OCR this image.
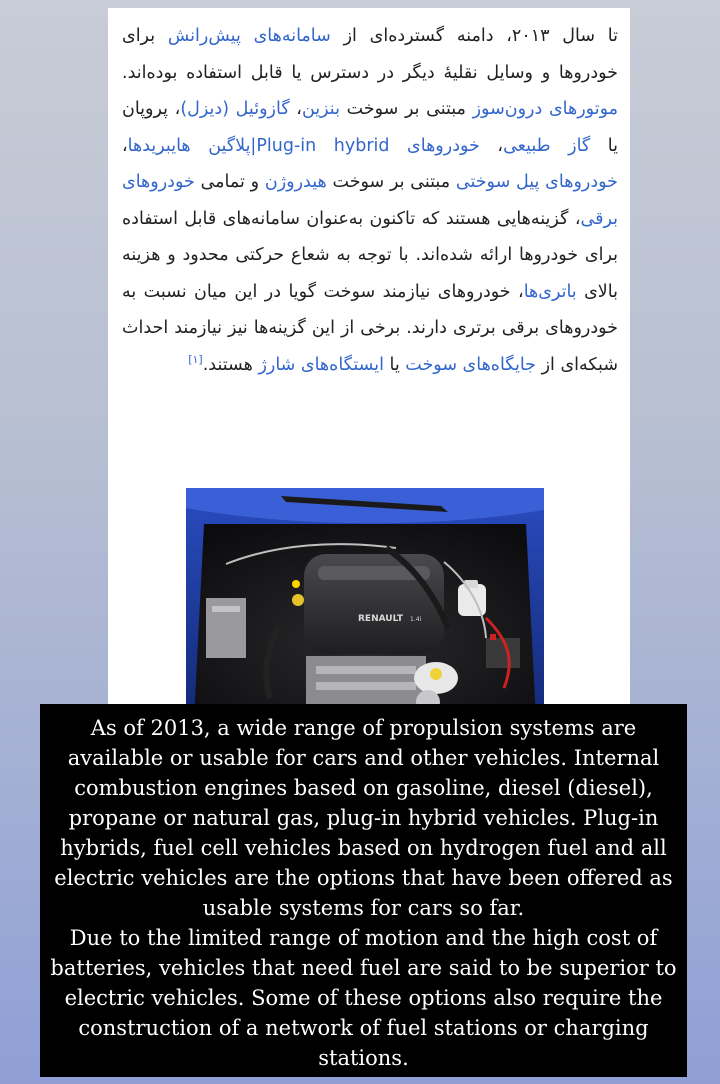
تا سال ۲۰۱۳، دامنه گسترده‌ای از سامانه‌های پیش‌رانش برای خودروها و وسایل نقلیهٔ دیگر در دسترس یا قابل استفاده بوده‌اند. موتورهای درون‌سوز مبتنی بر سوخت بنزین، گازوئیل (دیزل)، پروپان یا گاز طبیعی، خودروهای Plug-in hybrid|پلاگین هایبریدها، خودروهای پیل سوختی مبتنی بر سوخت هیدروژن و تمامی خودروهای برقی، گزینه‌هایی هستند که تاکنون به‌عنوان سامانه‌های قابل استفاده برای خودروها ارائه شده‌اند. با توجه به شعاع حرکتی محدود و هزینه بالای باتری‌ها، خودروهای نیازمند سوخت گویا در این میان نسبت به خودروهای برقی برتری دارند. برخی از این گزینه‌ها نیز نیازمند احداث شبکه‌ای از جایگاه‌های سوخت یا ایستگاه‌های شارژ هستند.[۱]
RENAULT 1.4i

As of 2013, a wide range of propulsion systems are available or usable for cars and other vehicles. Internal combustion engines based on gasoline, diesel (diesel), propane or natural gas, plug-in hybrid vehicles. Plug-in hybrids, fuel cell vehicles based on hydrogen fuel and all electric vehicles are the options that have been offered as usable systems for cars so far.

Due to the limited range of motion and the high cost of batteries, vehicles that need fuel are said to be superior to electric vehicles. Some of these options also require the construction of a network of fuel stations or charging stations.
